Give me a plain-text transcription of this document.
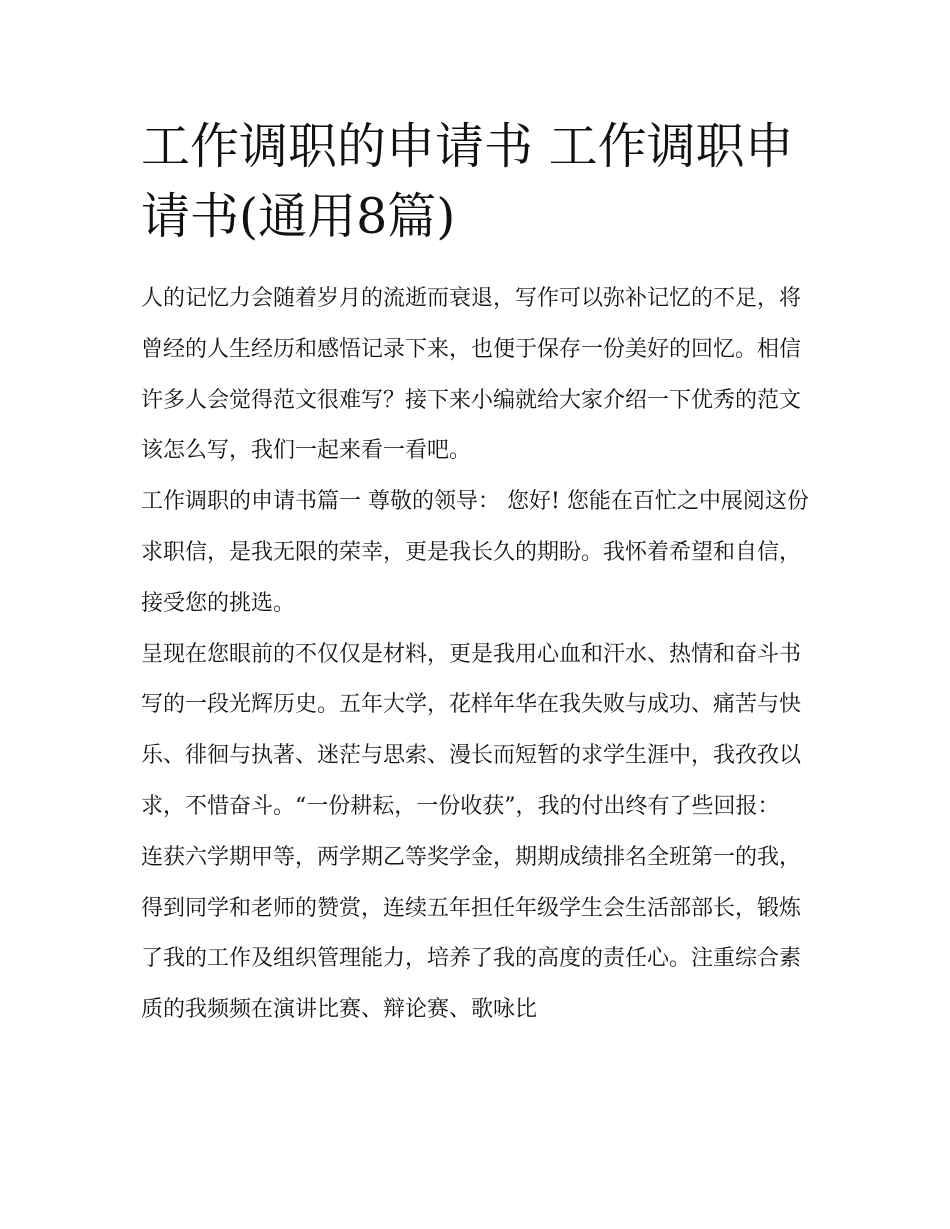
工作调职的申请书 工作调职申请书(通用8篇)

人的记忆力会随着岁月的流逝而衰退，写作可以弥补记忆的不足，将曾经的人生经历和感悟记录下来，也便于保存一份美好的回忆。相信许多人会觉得范文很难写？接下来小编就给大家介绍一下优秀的范文该怎么写，我们一起来看一看吧。

工作调职的申请书篇一 尊敬的领导： 您好! 您能在百忙之中展阅这份求职信，是我无限的荣幸，更是我长久的期盼。我怀着希望和自信，接受您的挑选。

呈现在您眼前的不仅仅是材料，更是我用心血和汗水、热情和奋斗书写的一段光辉历史。五年大学，花样年华在我失败与成功、痛苦与快乐、徘徊与执著、迷茫与思索、漫长而短暂的求学生涯中，我孜孜以求，不惜奋斗。“一份耕耘，一份收获”，我的付出终有了些回报：

连获六学期甲等，两学期乙等奖学金，期期成绩排名全班第一的我，得到同学和老师的赞赏，连续五年担任年级学生会生活部部长，锻炼了我的工作及组织管理能力，培养了我的高度的责任心。注重综合素质的我频频在演讲比赛、辩论赛、歌咏比
